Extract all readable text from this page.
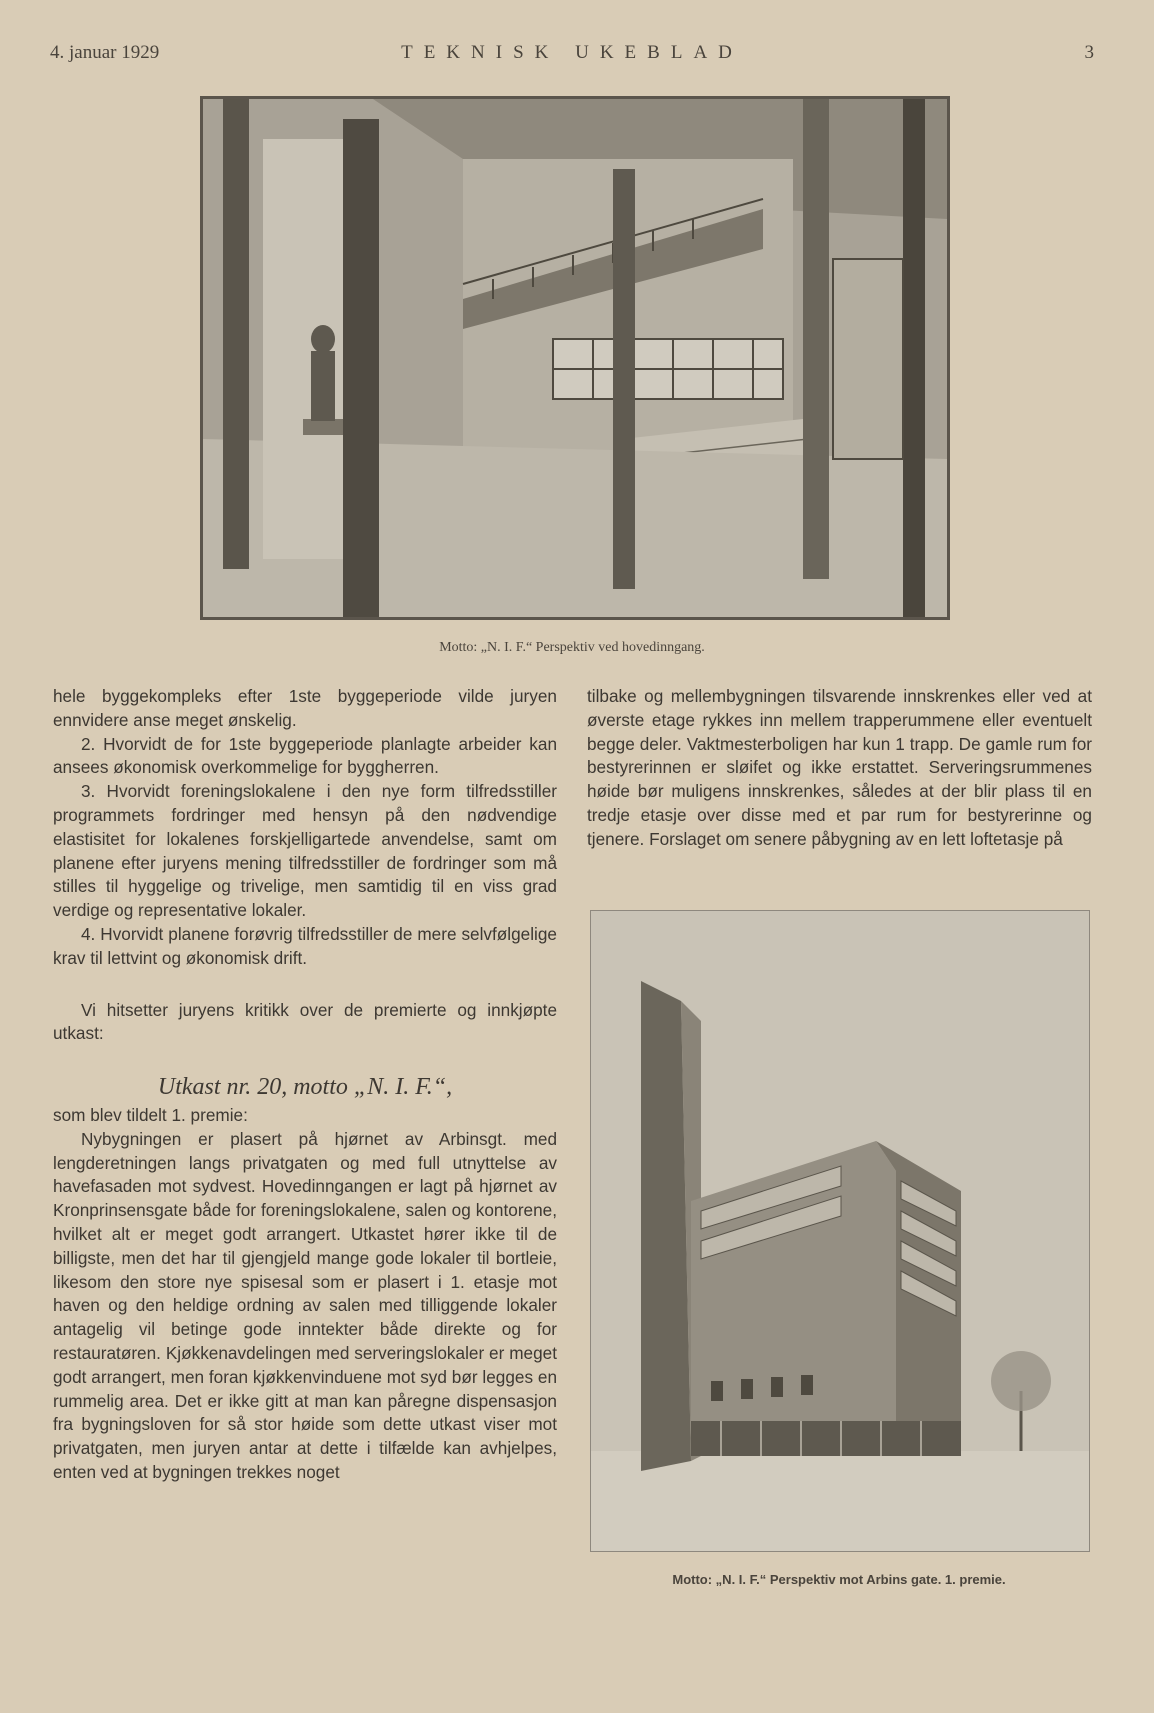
4. januar 1929	TEKNISK UKEBLAD	3
Motto: „N. I. F.“ Perspektiv ved hovedinngang.

hele byggekompleks efter 1ste byggeperiode vilde juryen ennvidere anse meget ønskelig.

2. Hvorvidt de for 1ste byggeperiode planlagte arbeider kan ansees økonomisk overkommelige for byggherren.

3. Hvorvidt foreningslokalene i den nye form tilfredsstiller programmets fordringer med hensyn på den nødvendige elastisitet for lokalenes forskjelligartede anvendelse, samt om planene efter juryens mening tilfredsstiller de fordringer som må stilles til hyggelige og trivelige, men samtidig til en viss grad verdige og representative lokaler.

4. Hvorvidt planene forøvrig tilfredsstiller de mere selvfølgelige krav til lettvint og økonomisk drift.

Vi hitsetter juryens kritikk over de premierte og innkjøpte utkast:

Utkast nr. 20, motto „N. I. F.“,

som blev tildelt 1. premie:

Nybygningen er plasert på hjørnet av Arbinsgt. med lengderetningen langs privatgaten og med full utnyttelse av havefasaden mot sydvest. Hovedinngangen er lagt på hjørnet av Kronprinsensgate både for foreningslokalene, salen og kontorene, hvilket alt er meget godt arrangert. Utkastet hører ikke til de billigste, men det har til gjengjeld mange gode lokaler til bortleie, likesom den store nye spisesal som er plasert i 1. etasje mot haven og den heldige ordning av salen med tilliggende lokaler antagelig vil betinge gode inntekter både direkte og for restauratøren. Kjøkkenavdelingen med serveringslokaler er meget godt arrangert, men foran kjøkkenvinduene mot syd bør legges en rummelig area. Det er ikke gitt at man kan påregne dispensasjon fra bygningsloven for så stor høide som dette utkast viser mot privatgaten, men juryen antar at dette i tilfælde kan avhjelpes, enten ved at bygningen trekkes noget

tilbake og mellembygningen tilsvarende innskrenkes eller ved at øverste etage rykkes inn mellem trapperummene eller eventuelt begge deler. Vaktmesterboligen har kun 1 trapp. De gamle rum for bestyrerinnen er sløifet og ikke erstattet. Serveringsrummenes høide bør muligens innskrenkes, således at der blir plass til en tredje etasje over disse med et par rum for bestyrerinne og tjenere. Forslaget om senere påbygning av en lett loftetasje på

Motto: „N. I. F.“ Perspektiv mot Arbins gate. 1. premie.
